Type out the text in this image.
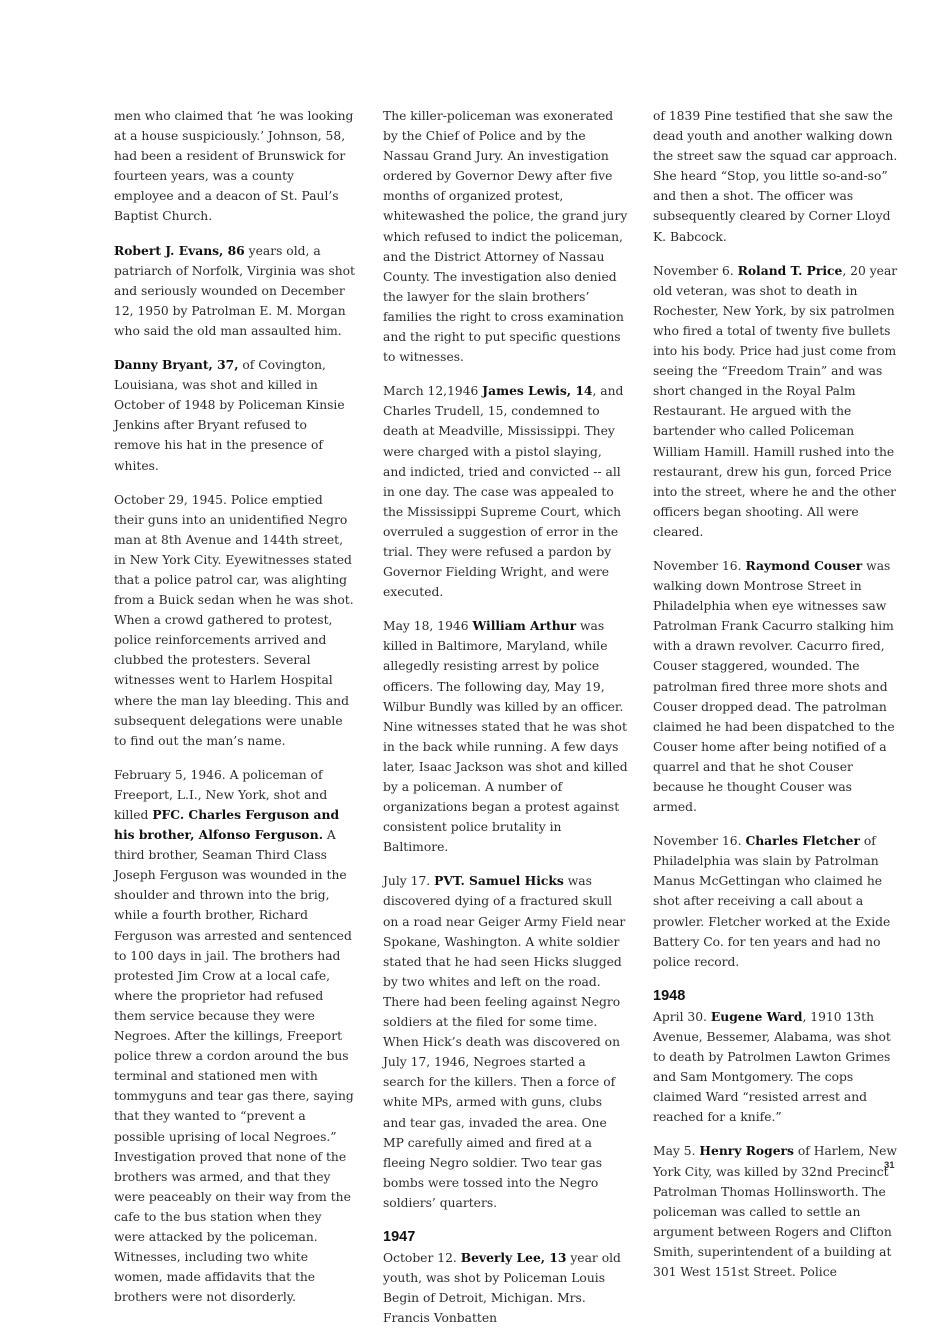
men who claimed that ‘he was looking at a house suspiciously.’ Johnson, 58, had been a resident of Brunswick for fourteen years, was a county employee and a deacon of St. Paul’s Baptist Church.

Robert J. Evans, 86 years old, a patriarch of Norfolk, Virginia was shot and seriously wounded on December 12, 1950 by Patrolman E. M. Morgan who said the old man assaulted him.

Danny Bryant, 37, of Covington, Louisiana, was shot and killed in October of 1948 by Policeman Kinsie Jenkins after Bryant refused to remove his hat in the presence of whites.

October 29, 1945. Police emptied their guns into an unidentified Negro man at 8th Avenue and 144th street, in New York City. Eyewitnesses stated that a police patrol car, was alighting from a Buick sedan when he was shot. When a crowd gathered to protest, police reinforcements arrived and clubbed the protesters. Several witnesses went to Harlem Hospital where the man lay bleeding. This and subsequent delegations were unable to find out the man’s name.

February 5, 1946. A policeman of Freeport, L.I., New York, shot and killed PFC. Charles Ferguson and his brother, Alfonso Ferguson. A third brother, Seaman Third Class Joseph Ferguson was wounded in the shoulder and thrown into the brig, while a fourth brother, Richard Ferguson was arrested and sentenced to 100 days in jail. The brothers had protested Jim Crow at a local cafe, where the proprietor had refused them service because they were Negroes. After the killings, Freeport police threw a cordon around the bus terminal and stationed men with tommyguns and tear gas there, saying that they wanted to “prevent a possible uprising of local Negroes.” Investigation proved that none of the brothers was armed, and that they were peaceably on their way from the cafe to the bus station when they were attacked by the policeman. Witnesses, including two white women, made affidavits that the brothers were not disorderly.

The killer-policeman was exonerated by the Chief of Police and by the Nassau Grand Jury. An investigation ordered by Governor Dewy after five months of organized protest, whitewashed the police, the grand jury which refused to indict the policeman, and the District Attorney of Nassau County. The investigation also denied the lawyer for the slain brothers’ families the right to cross examination and the right to put specific questions to witnesses.

March 12,1946 James Lewis, 14, and Charles Trudell, 15, condemned to death at Meadville, Mississippi. They were charged with a pistol slaying, and indicted, tried and convicted -- all in one day. The case was appealed to the Mississippi Supreme Court, which overruled a suggestion of error in the trial. They were refused a pardon by Governor Fielding Wright, and were executed.

May 18, 1946 William Arthur was killed in Baltimore, Maryland, while allegedly resisting arrest by police officers. The following day, May 19, Wilbur Bundly was killed by an officer. Nine witnesses stated that he was shot in the back while running. A few days later, Isaac Jackson was shot and killed by a policeman. A number of organizations began a protest against consistent police brutality in Baltimore.

July 17. PVT. Samuel Hicks was discovered dying of a fractured skull on a road near Geiger Army Field near Spokane, Washington. A white soldier stated that he had seen Hicks slugged by two whites and left on the road. There had been feeling against Negro soldiers at the filed for some time. When Hick’s death was discovered on July 17, 1946, Negroes started a search for the killers. Then a force of white MPs, armed with guns, clubs and tear gas, invaded the area. One MP carefully aimed and fired at a fleeing Negro soldier. Two tear gas bombs were tossed into the Negro soldiers’ quarters.

1947

October 12. Beverly Lee, 13 year old youth, was shot by Policeman Louis Begin of Detroit, Michigan. Mrs. Francis Vonbatten

of 1839 Pine testified that she saw the dead youth and another walking down the street saw the squad car approach. She heard “Stop, you little so-and-so” and then a shot. The officer was subsequently cleared by Corner Lloyd K. Babcock.

November 6. Roland T. Price, 20 year old veteran, was shot to death in Rochester, New York, by six patrolmen who fired a total of twenty five bullets into his body. Price had just come from seeing the “Freedom Train” and was short changed in the Royal Palm Restaurant. He argued with the bartender who called Policeman William Hamill. Hamill rushed into the restaurant, drew his gun, forced Price into the street, where he and the other officers began shooting. All were cleared.

November 16. Raymond Couser was walking down Montrose Street in Philadelphia when eye witnesses saw Patrolman Frank Cacurro stalking him with a drawn revolver. Cacurro fired, Couser staggered, wounded. The patrolman fired three more shots and Couser dropped dead. The patrolman claimed he had been dispatched to the Couser home after being notified of a quarrel and that he shot Couser because he thought Couser was armed.

November 16. Charles Fletcher of Philadelphia was slain by Patrolman Manus McGettingan who claimed he shot after receiving a call about a prowler. Fletcher worked at the Exide Battery Co. for ten years and had no police record.

1948

April 30. Eugene Ward, 1910 13th Avenue, Bessemer, Alabama, was shot to death by Patrolmen Lawton Grimes and Sam Montgomery. The cops claimed Ward “resisted arrest and reached for a knife.”

May 5. Henry Rogers of Harlem, New York City, was killed by 32nd Precinct Patrolman Thomas Hollinsworth. The policeman was called to settle an argument between Rogers and Clifton Smith, superintendent of a building at 301 West 151st Street. Police

31
